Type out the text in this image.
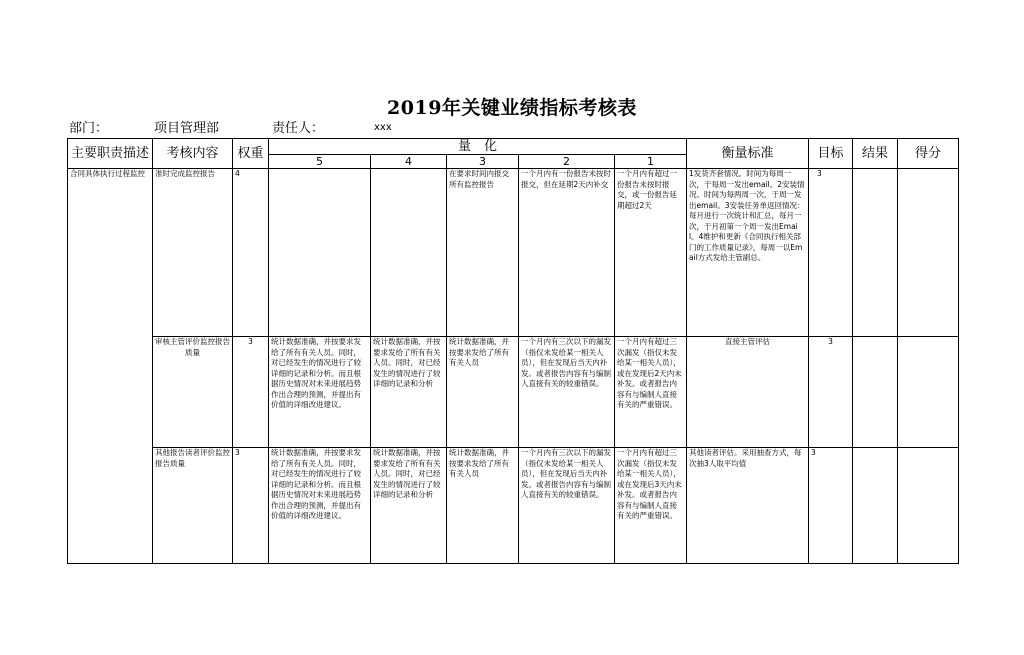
2019年关键业绩指标考核表
部门：	项目管理部	责任人：	xxx
主要职责描述	考核内容	权重	量　化					衡量标准	目标	结果	得分
			5	4	3	2	1				
合同具体执行过程监控	准时完成监控报告	4			在要求时间内报交所有监控报告	一个月内有一份报告未按时报交，但在延期2天内补交	一个月内有超过一份报告未按时报交，或一份报告延期超过2天	1发货齐套情况。时间为每周一次，于每周一发出email。2安装情况。时间为每两周一次，于周一发出email。3安装任务单返回情况：每月进行一次统计和汇总，每月一次，于月初第一个周一发出Email。4维护和更新《合同执行相关部门的工作质量记录》，每周一以Email方式发给主管副总。	3		
	审核主管评价监控报告质量	3	统计数据准确，并按要求发给了所有有关人员。同时，对已经发生的情况进行了较详细的记录和分析。而且根据历史情况对未来进展趋势作出合理的预测，并提出有价值的详细改进建议。	统计数据准确，并按要求发给了所有有关人员。同时，对已经发生的情况进行了较详细的记录和分析	统计数据准确，并按要求发给了所有有关人员	一个月内有三次以下的漏发（指仅未发给某一相关人员），但在发现后当天内补发。或者报告内容有与编制人直接有关的较重错误。	一个月内有超过三次漏发（指仅未发给某一相关人员），或在发现后2天内未补发。或者报告内容有与编制人直接有关的严重错误。	直接主管评估	3		
	其他报告读者评价监控报告质量	3	统计数据准确，并按要求发给了所有有关人员。同时，对已经发生的情况进行了较详细的记录和分析。而且根据历史情况对未来进展趋势作出合理的预测，并提出有价值的详细改进建议。	统计数据准确，并按要求发给了所有有关人员。同时，对已经发生的情况进行了较详细的记录和分析	统计数据准确，并按要求发给了所有有关人员	一个月内有三次以下的漏发（指仅未发给某一相关人员），但在发现后当天内补发。或者报告内容有与编制人直接有关的较重错误。	一个月内有超过三次漏发（指仅未发给某一相关人员），或在发现后3天内未补发。或者报告内容有与编制人直接有关的严重错误。	其他读者评估。采用抽查方式，每次抽3人取平均值	3		
